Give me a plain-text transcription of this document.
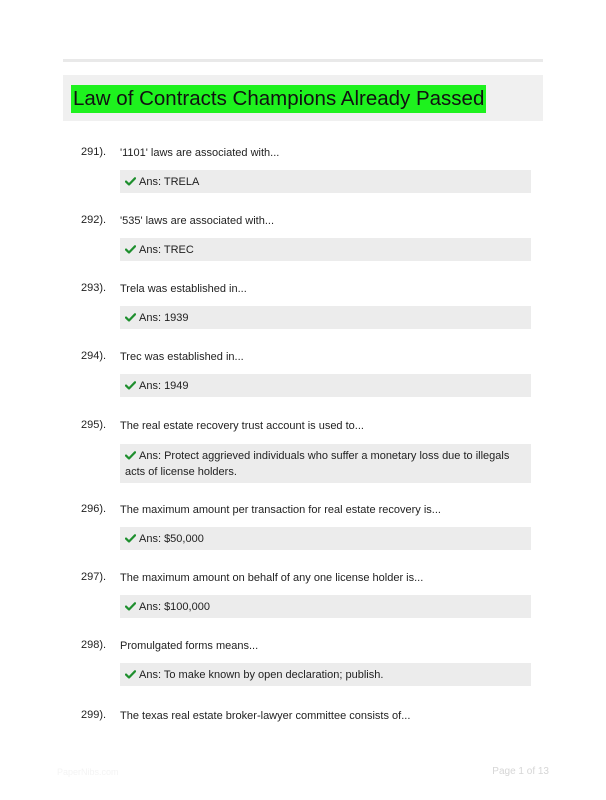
Law of Contracts Champions Already Passed
291). '1101' laws are associated with...
Ans: TRELA
292). '535' laws are associated with...
Ans: TREC
293). Trela was established in...
Ans: 1939
294). Trec was established in...
Ans: 1949
295). The real estate recovery trust account is used to...
Ans: Protect aggrieved individuals who suffer a monetary loss due to illegals acts of license holders.
296). The maximum amount per transaction for real estate recovery is...
Ans: $50,000
297). The maximum amount on behalf of any one license holder is...
Ans: $100,000
298). Promulgated forms means...
Ans: To make known by open declaration; publish.
299). The texas real estate broker-lawyer committee consists of...
PaperNibs.com	Page 1 of 13
